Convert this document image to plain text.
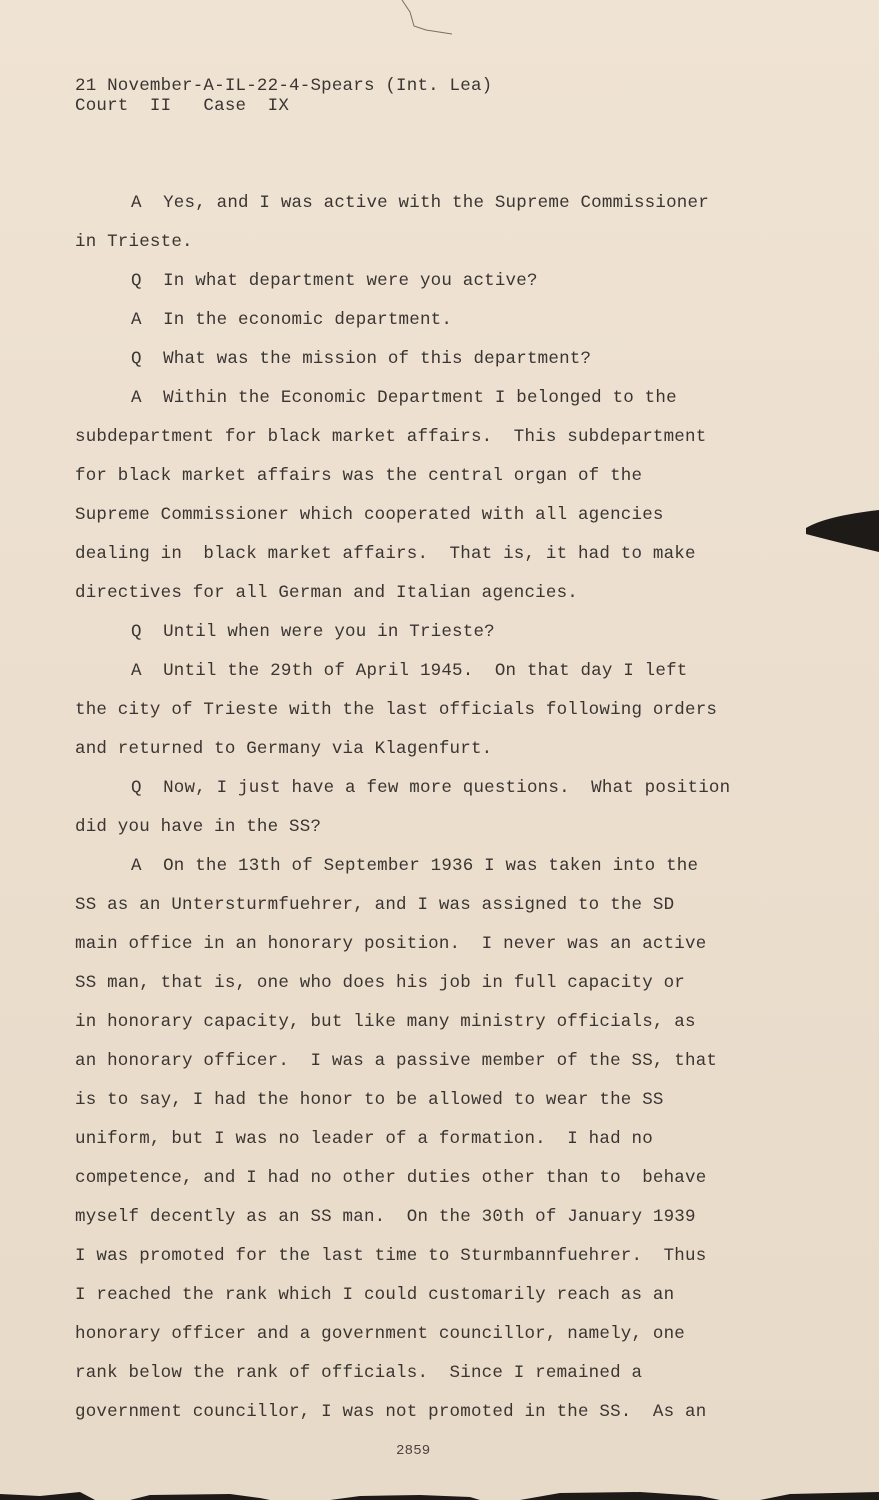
21 November-A-IL-22-4-Spears (Int. Lea)
Court  II   Case  IX
A  Yes, and I was active with the Supreme Commissioner
in Trieste.
Q  In what department were you active?
A  In the economic department.
Q  What was the mission of this department?
A  Within the Economic Department I belonged to the
subdepartment for black market affairs.  This subdepartment
for black market affairs was the central organ of the
Supreme Commissioner which cooperated with all agencies
dealing in  black market affairs.  That is, it had to make
directives for all German and Italian agencies.
Q  Until when were you in Trieste?
A  Until the 29th of April 1945.  On that day I left
the city of Trieste with the last officials following orders
and returned to Germany via Klagenfurt.
Q  Now, I just have a few more questions.  What position
did you have in the SS?
A  On the 13th of September 1936 I was taken into the
SS as an Untersturmfuehrer, and I was assigned to the SD
main office in an honorary position.  I never was an active
SS man, that is, one who does his job in full capacity or
in honorary capacity, but like many ministry officials, as
an honorary officer.  I was a passive member of the SS, that
is to say, I had the honor to be allowed to wear the SS
uniform, but I was no leader of a formation.  I had no
competence, and I had no other duties other than to  behave
myself decently as an SS man.  On the 30th of January 1939
I was promoted for the last time to Sturmbannfuehrer.  Thus
I reached the rank which I could customarily reach as an
honorary officer and a government councillor, namely, one
rank below the rank of officials.  Since I remained a
government councillor, I was not promoted in the SS.  As an
2859
